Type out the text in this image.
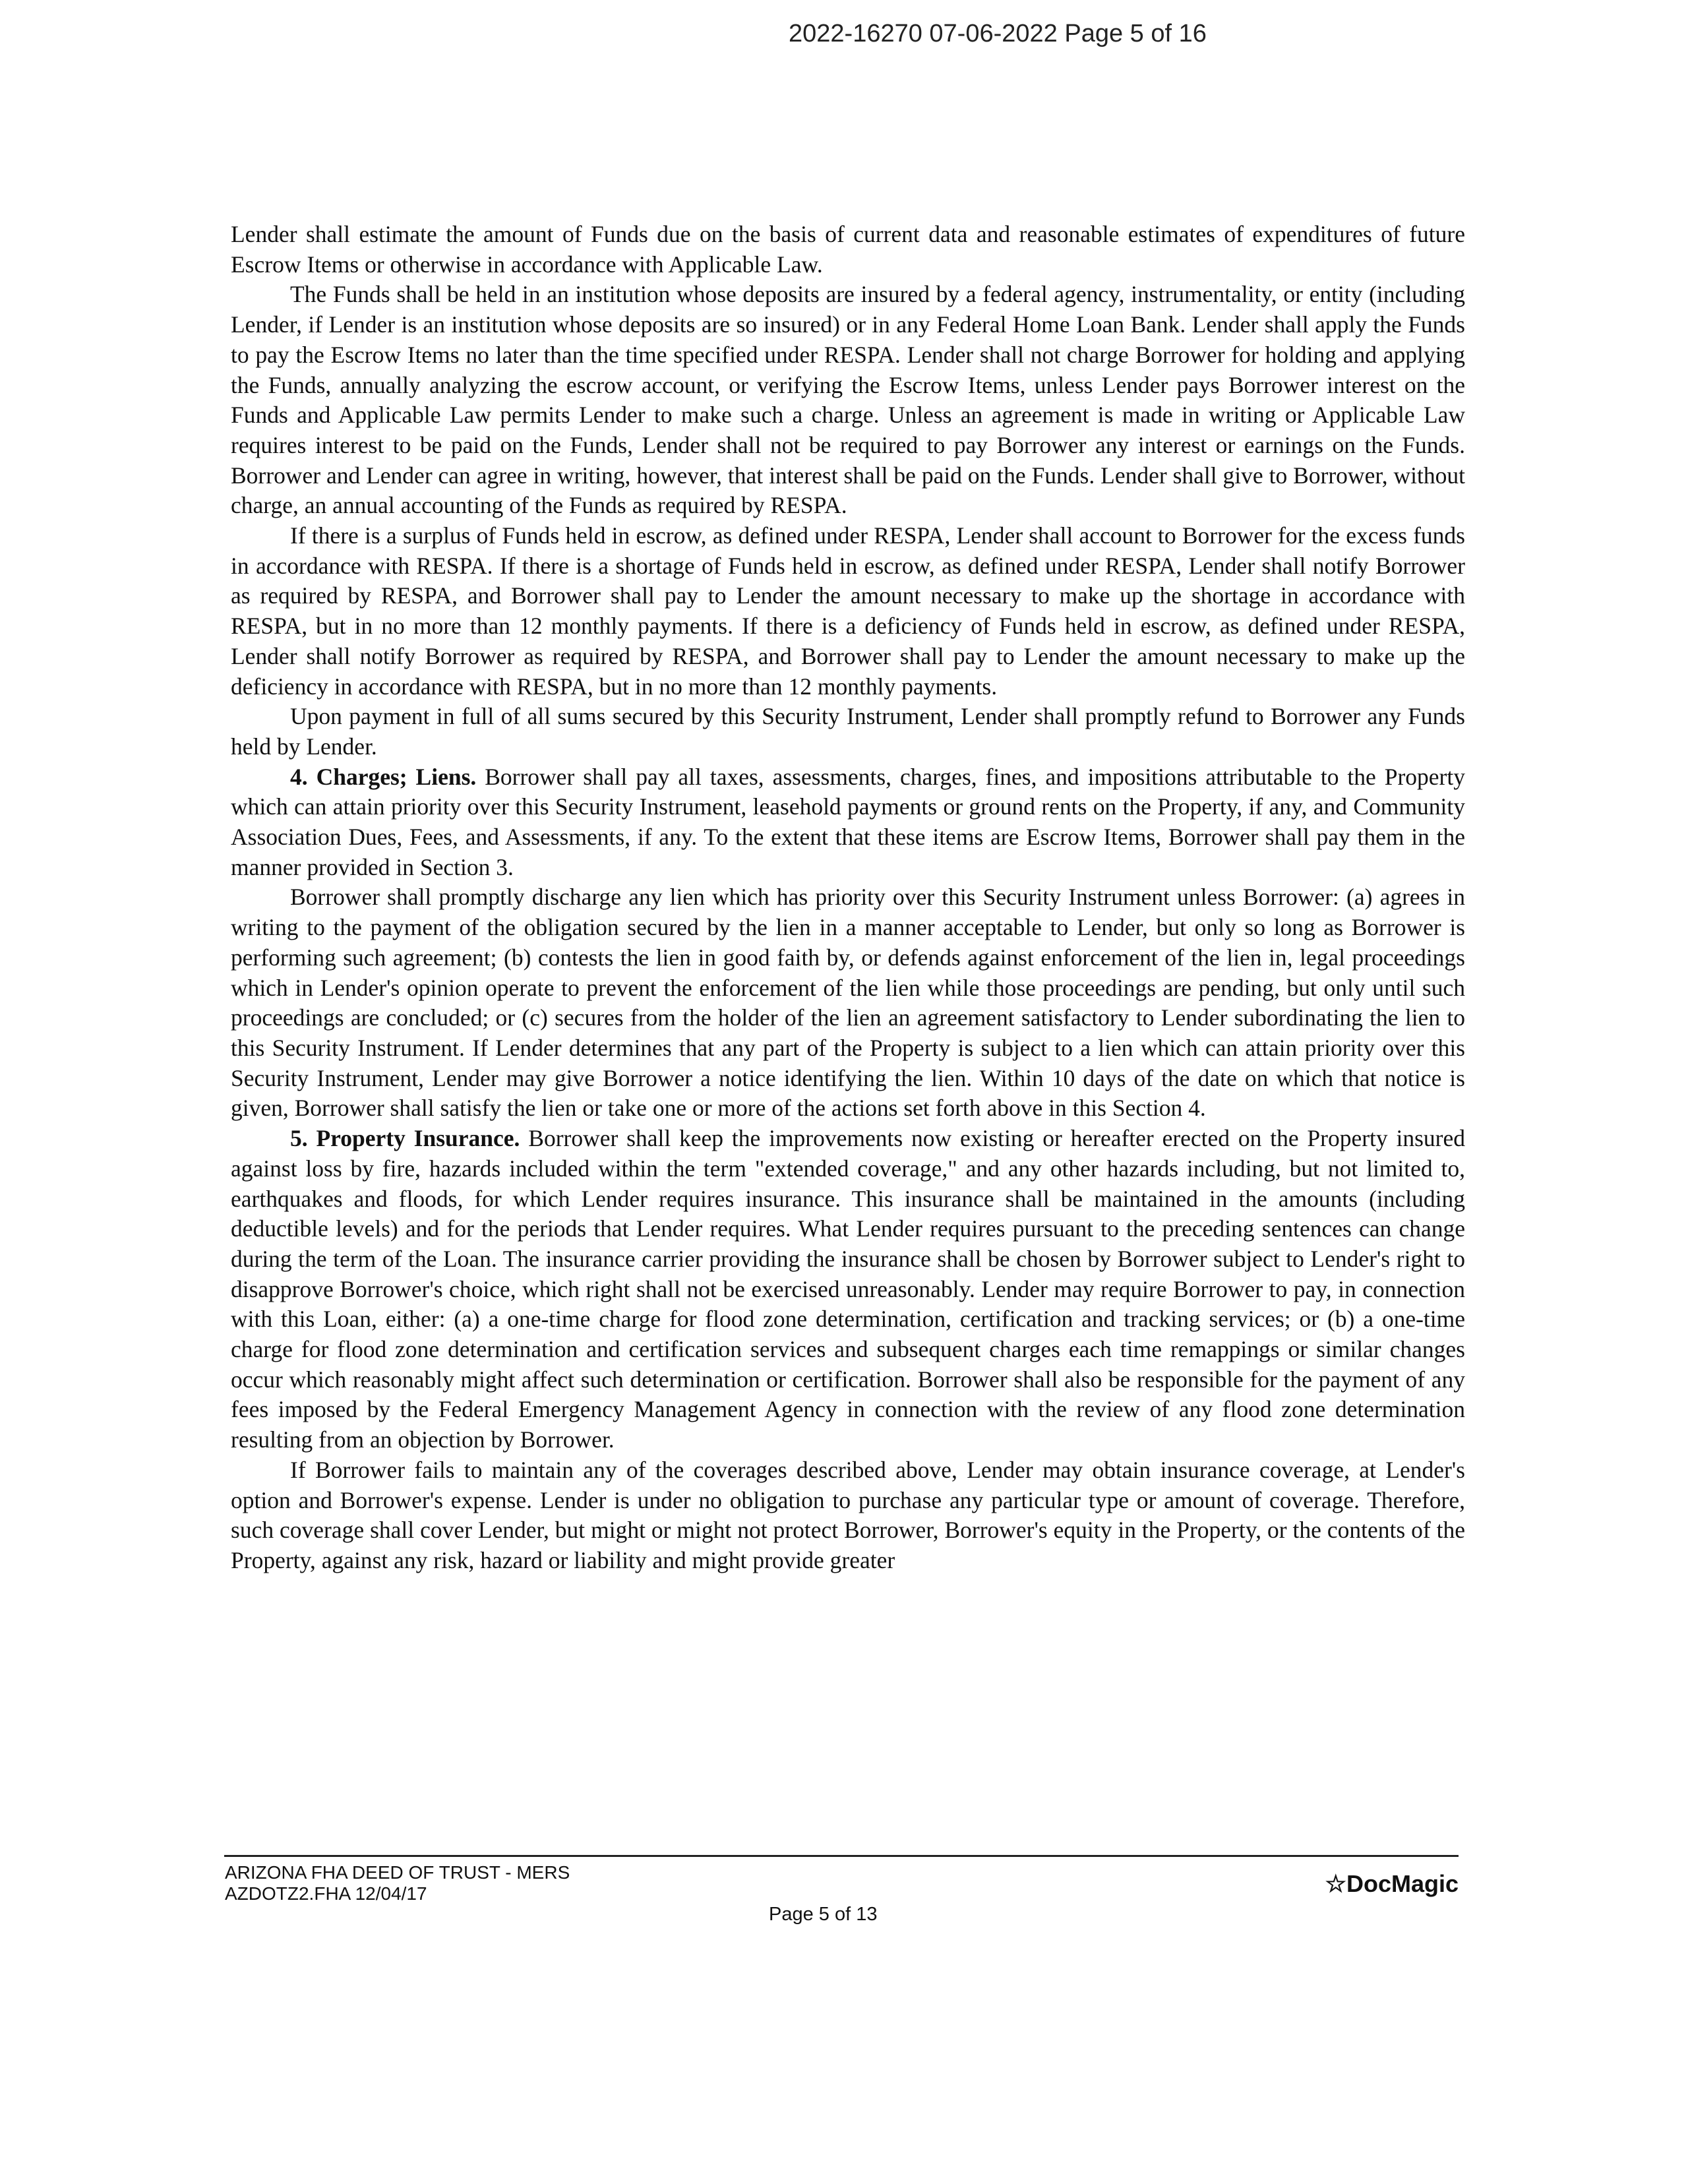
2022-16270 07-06-2022 Page 5 of 16

Lender shall estimate the amount of Funds due on the basis of current data and reasonable estimates of expenditures of future Escrow Items or otherwise in accordance with Applicable Law.

The Funds shall be held in an institution whose deposits are insured by a federal agency, instrumentality, or entity (including Lender, if Lender is an institution whose deposits are so insured) or in any Federal Home Loan Bank. Lender shall apply the Funds to pay the Escrow Items no later than the time specified under RESPA. Lender shall not charge Borrower for holding and applying the Funds, annually analyzing the escrow account, or verifying the Escrow Items, unless Lender pays Borrower interest on the Funds and Applicable Law permits Lender to make such a charge. Unless an agreement is made in writing or Applicable Law requires interest to be paid on the Funds, Lender shall not be required to pay Borrower any interest or earnings on the Funds. Borrower and Lender can agree in writing, however, that interest shall be paid on the Funds. Lender shall give to Borrower, without charge, an annual accounting of the Funds as required by RESPA.

If there is a surplus of Funds held in escrow, as defined under RESPA, Lender shall account to Borrower for the excess funds in accordance with RESPA. If there is a shortage of Funds held in escrow, as defined under RESPA, Lender shall notify Borrower as required by RESPA, and Borrower shall pay to Lender the amount necessary to make up the shortage in accordance with RESPA, but in no more than 12 monthly payments. If there is a deficiency of Funds held in escrow, as defined under RESPA, Lender shall notify Borrower as required by RESPA, and Borrower shall pay to Lender the amount necessary to make up the deficiency in accordance with RESPA, but in no more than 12 monthly payments.

Upon payment in full of all sums secured by this Security Instrument, Lender shall promptly refund to Borrower any Funds held by Lender.

4. Charges; Liens. Borrower shall pay all taxes, assessments, charges, fines, and impositions attributable to the Property which can attain priority over this Security Instrument, leasehold payments or ground rents on the Property, if any, and Community Association Dues, Fees, and Assessments, if any. To the extent that these items are Escrow Items, Borrower shall pay them in the manner provided in Section 3.

Borrower shall promptly discharge any lien which has priority over this Security Instrument unless Borrower: (a) agrees in writing to the payment of the obligation secured by the lien in a manner acceptable to Lender, but only so long as Borrower is performing such agreement; (b) contests the lien in good faith by, or defends against enforcement of the lien in, legal proceedings which in Lender's opinion operate to prevent the enforcement of the lien while those proceedings are pending, but only until such proceedings are concluded; or (c) secures from the holder of the lien an agreement satisfactory to Lender subordinating the lien to this Security Instrument. If Lender determines that any part of the Property is subject to a lien which can attain priority over this Security Instrument, Lender may give Borrower a notice identifying the lien. Within 10 days of the date on which that notice is given, Borrower shall satisfy the lien or take one or more of the actions set forth above in this Section 4.

5. Property Insurance. Borrower shall keep the improvements now existing or hereafter erected on the Property insured against loss by fire, hazards included within the term "extended coverage," and any other hazards including, but not limited to, earthquakes and floods, for which Lender requires insurance. This insurance shall be maintained in the amounts (including deductible levels) and for the periods that Lender requires. What Lender requires pursuant to the preceding sentences can change during the term of the Loan. The insurance carrier providing the insurance shall be chosen by Borrower subject to Lender's right to disapprove Borrower's choice, which right shall not be exercised unreasonably. Lender may require Borrower to pay, in connection with this Loan, either: (a) a one-time charge for flood zone determination, certification and tracking services; or (b) a one-time charge for flood zone determination and certification services and subsequent charges each time remappings or similar changes occur which reasonably might affect such determination or certification. Borrower shall also be responsible for the payment of any fees imposed by the Federal Emergency Management Agency in connection with the review of any flood zone determination resulting from an objection by Borrower.

If Borrower fails to maintain any of the coverages described above, Lender may obtain insurance coverage, at Lender's option and Borrower's expense. Lender is under no obligation to purchase any particular type or amount of coverage. Therefore, such coverage shall cover Lender, but might or might not protect Borrower, Borrower's equity in the Property, or the contents of the Property, against any risk, hazard or liability and might provide greater

ARIZONA FHA DEED OF TRUST - MERS
AZDOTZ2.FHA 12/04/17	☆DocMagic
Page 5 of 13
